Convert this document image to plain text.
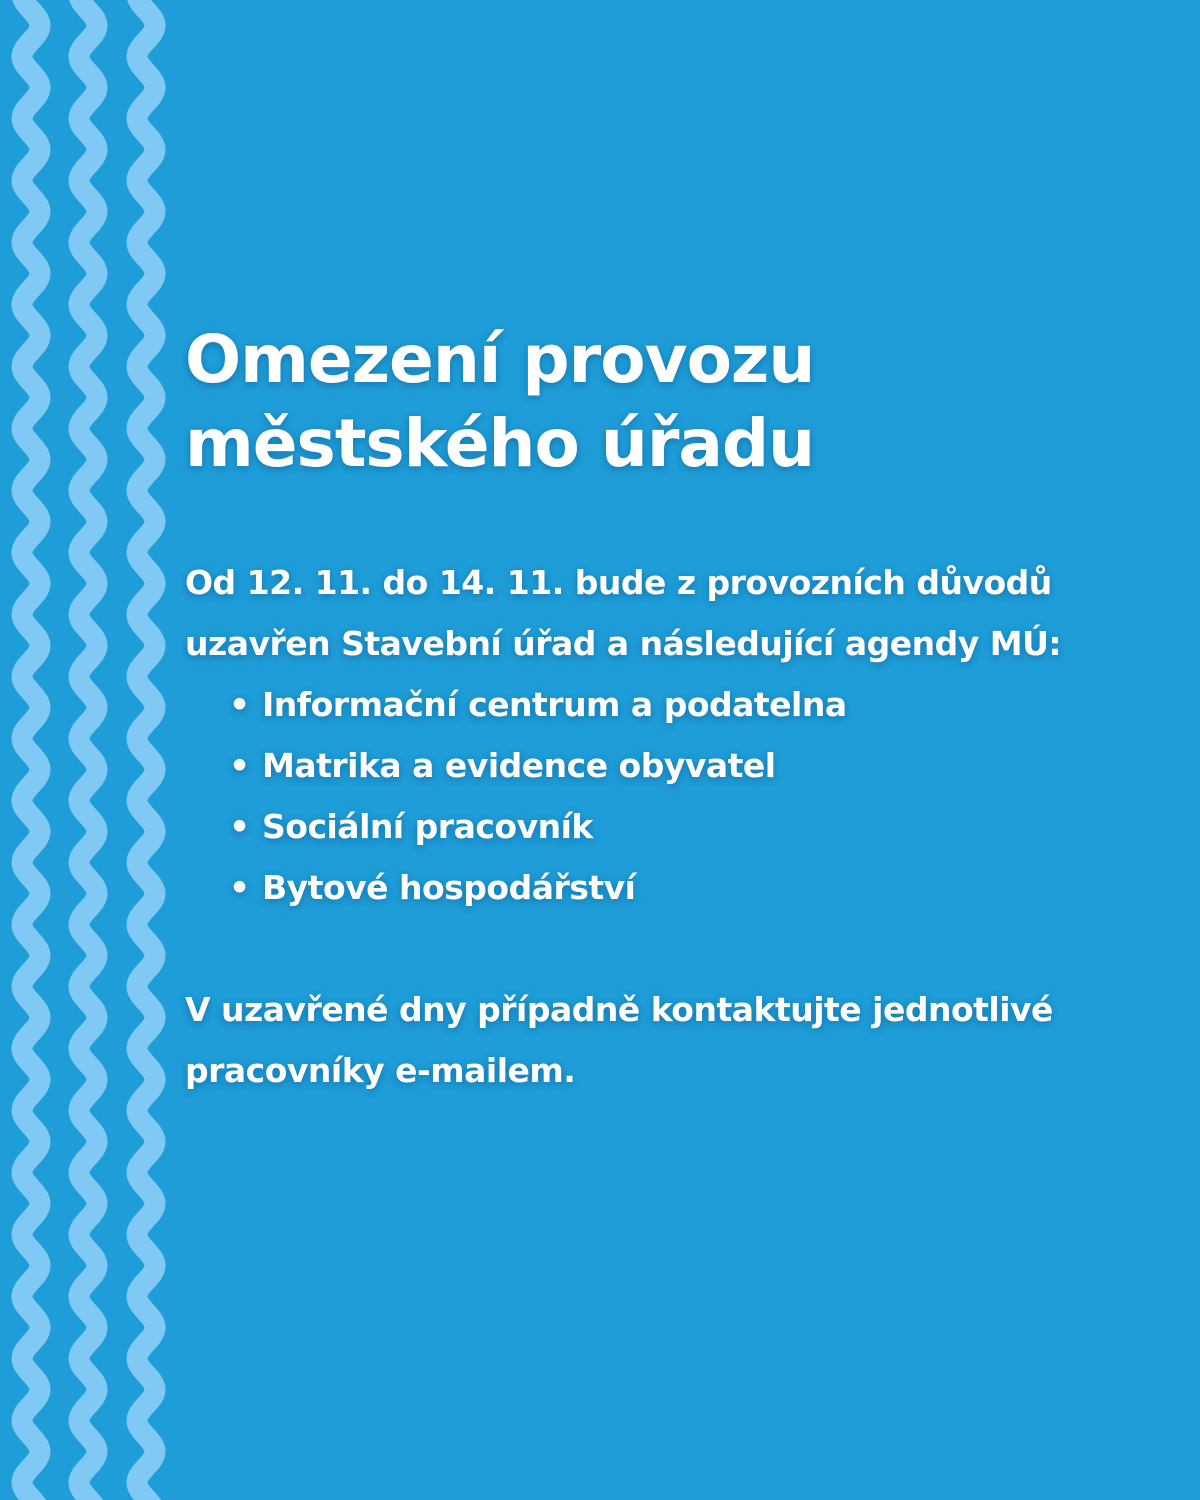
Omezení provozu
městského úřadu

Od 12. 11. do 14. 11. bude z provozních důvodů

uzavřen Stavební úřad a následující agendy MÚ:

• Informační centrum a podatelna
• Matrika a evidence obyvatel
• Sociální pracovník
• Bytové hospodářství

V uzavřené dny případně kontaktujte jednotlivé

pracovníky e-mailem.
